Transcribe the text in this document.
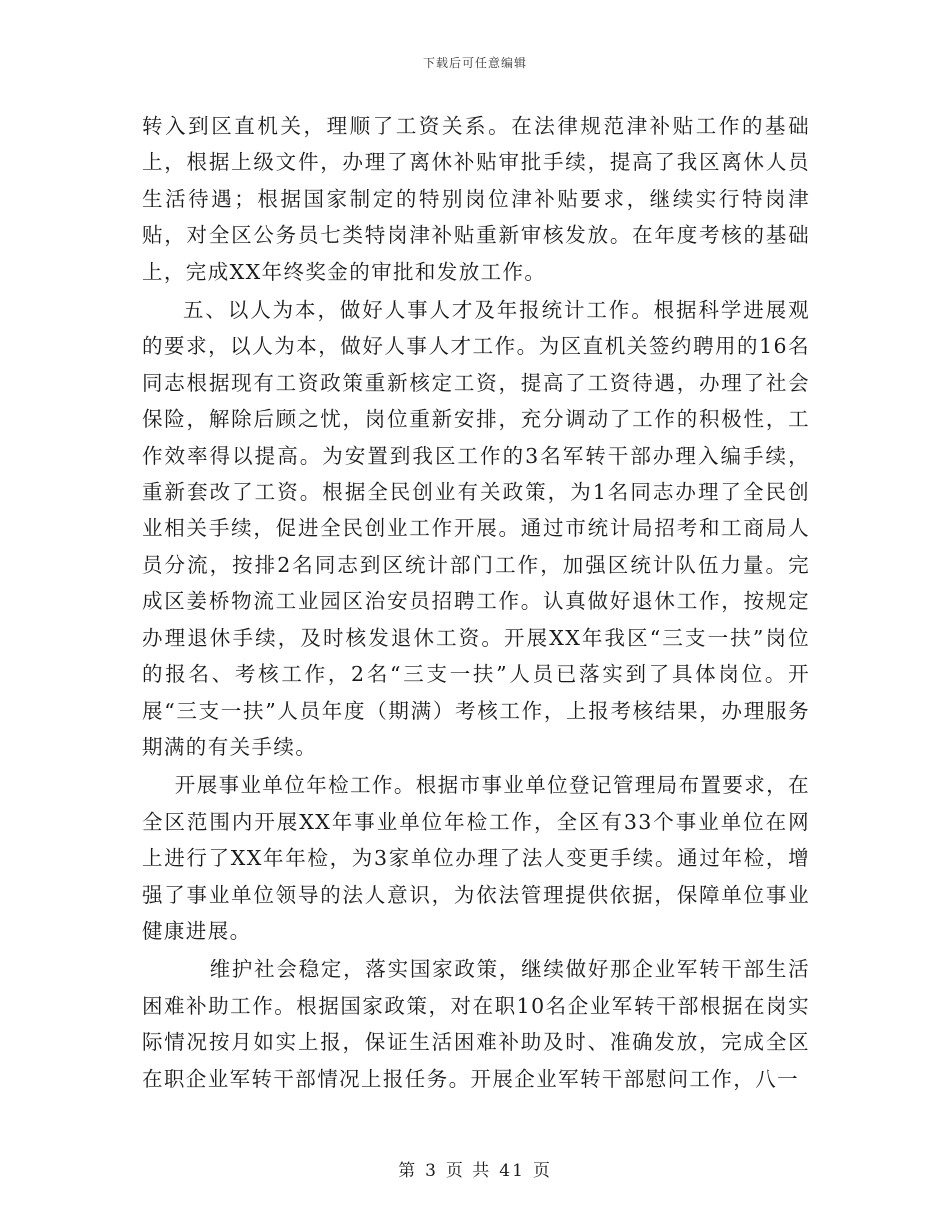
下载后可任意编辑

转入到区直机关，理顺了工资关系。在法律规范津补贴工作的基础上，根据上级文件，办理了离休补贴审批手续，提高了我区离休人员生活待遇；根据国家制定的特别岗位津补贴要求，继续实行特岗津贴，对全区公务员七类特岗津补贴重新审核发放。在年度考核的基础上，完成XX年终奖金的审批和发放工作。

五、以人为本，做好人事人才及年报统计工作。根据科学进展观的要求，以人为本，做好人事人才工作。为区直机关签约聘用的16名同志根据现有工资政策重新核定工资，提高了工资待遇，办理了社会保险，解除后顾之忧，岗位重新安排，充分调动了工作的积极性，工作效率得以提高。为安置到我区工作的3名军转干部办理入编手续，重新套改了工资。根据全民创业有关政策，为1名同志办理了全民创业相关手续，促进全民创业工作开展。通过市统计局招考和工商局人员分流，按排2名同志到区统计部门工作，加强区统计队伍力量。完成区姜桥物流工业园区治安员招聘工作。认真做好退休工作，按规定办理退休手续，及时核发退休工资。开展XX年我区“三支一扶”岗位的报名、考核工作，2名“三支一扶”人员已落实到了具体岗位。开展“三支一扶”人员年度（期满）考核工作，上报考核结果，办理服务期满的有关手续。

开展事业单位年检工作。根据市事业单位登记管理局布置要求，在全区范围内开展XX年事业单位年检工作，全区有33个事业单位在网上进行了XX年年检，为3家单位办理了法人变更手续。通过年检，增强了事业单位领导的法人意识，为依法管理提供依据，保障单位事业健康进展。

维护社会稳定，落实国家政策，继续做好那企业军转干部生活困难补助工作。根据国家政策，对在职10名企业军转干部根据在岗实际情况按月如实上报，保证生活困难补助及时、准确发放，完成全区在职企业军转干部情况上报任务。开展企业军转干部慰问工作，八一

第 3 页 共 41 页
